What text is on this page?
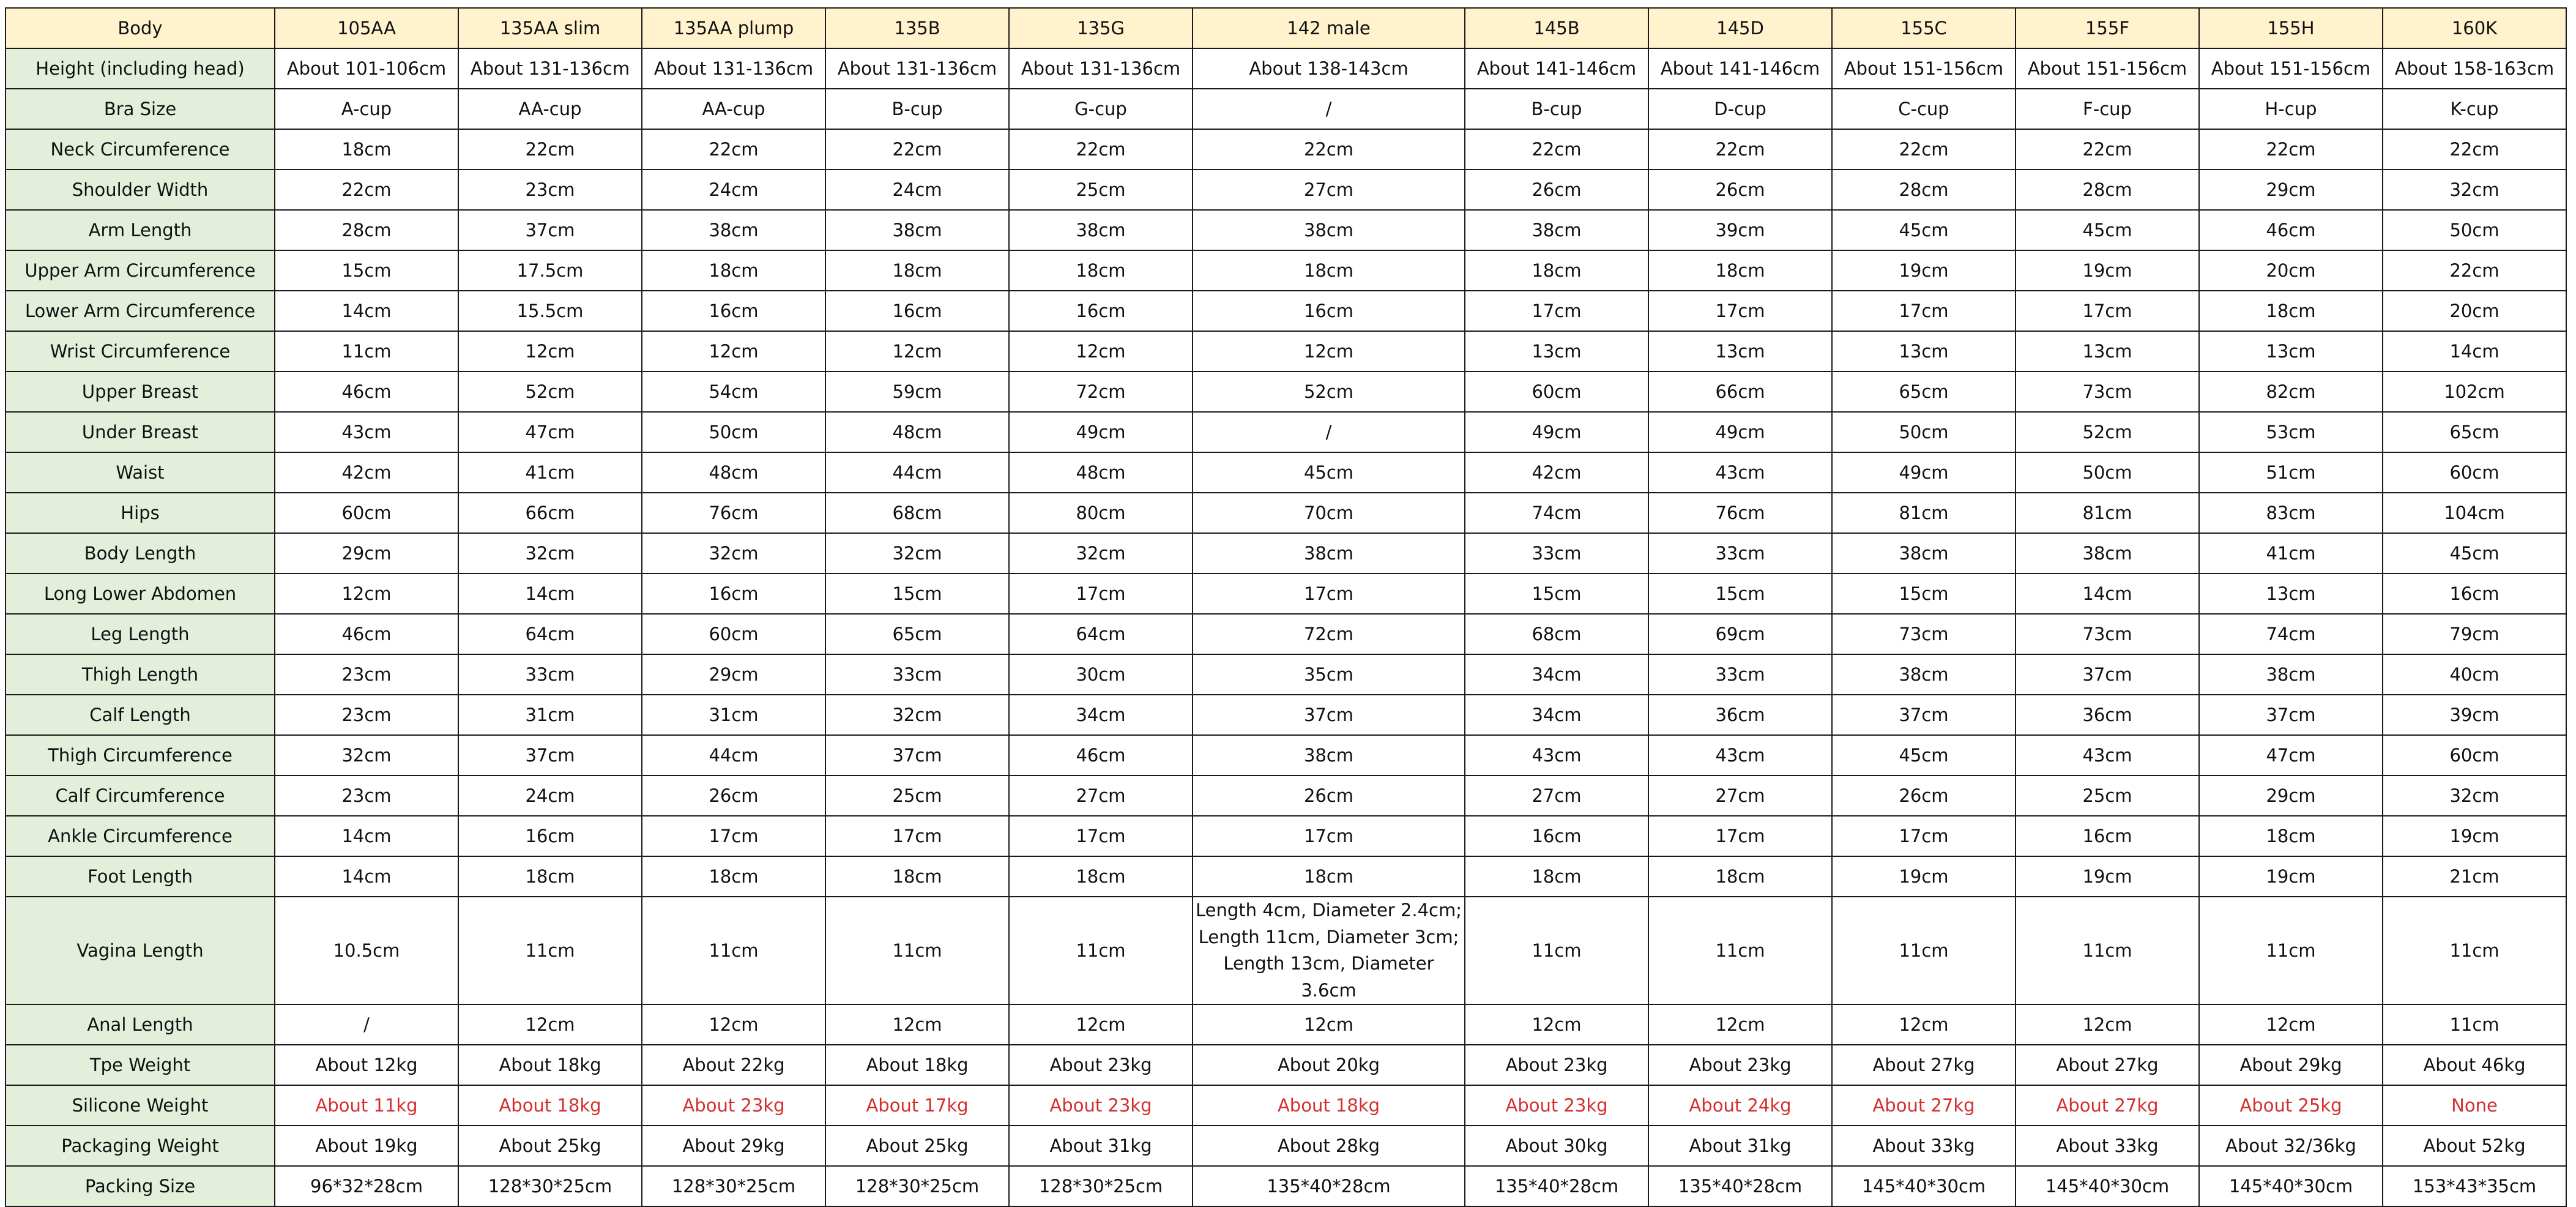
Body	105AA	135AA slim	135AA plump	135B	135G	142 male	145B	145D	155C	155F	155H	160K
Height (including head)	About 101-106cm	About 131-136cm	About 131-136cm	About 131-136cm	About 131-136cm	About 138-143cm	About 141-146cm	About 141-146cm	About 151-156cm	About 151-156cm	About 151-156cm	About 158-163cm
Bra Size	A-cup	AA-cup	AA-cup	B-cup	G-cup	/	B-cup	D-cup	C-cup	F-cup	H-cup	K-cup
Neck Circumference	18cm	22cm	22cm	22cm	22cm	22cm	22cm	22cm	22cm	22cm	22cm	22cm
Shoulder Width	22cm	23cm	24cm	24cm	25cm	27cm	26cm	26cm	28cm	28cm	29cm	32cm
Arm Length	28cm	37cm	38cm	38cm	38cm	38cm	38cm	39cm	45cm	45cm	46cm	50cm
Upper Arm Circumference	15cm	17.5cm	18cm	18cm	18cm	18cm	18cm	18cm	19cm	19cm	20cm	22cm
Lower Arm Circumference	14cm	15.5cm	16cm	16cm	16cm	16cm	17cm	17cm	17cm	17cm	18cm	20cm
Wrist Circumference	11cm	12cm	12cm	12cm	12cm	12cm	13cm	13cm	13cm	13cm	13cm	14cm
Upper Breast	46cm	52cm	54cm	59cm	72cm	52cm	60cm	66cm	65cm	73cm	82cm	102cm
Under Breast	43cm	47cm	50cm	48cm	49cm	/	49cm	49cm	50cm	52cm	53cm	65cm
Waist	42cm	41cm	48cm	44cm	48cm	45cm	42cm	43cm	49cm	50cm	51cm	60cm
Hips	60cm	66cm	76cm	68cm	80cm	70cm	74cm	76cm	81cm	81cm	83cm	104cm
Body Length	29cm	32cm	32cm	32cm	32cm	38cm	33cm	33cm	38cm	38cm	41cm	45cm
Long Lower Abdomen	12cm	14cm	16cm	15cm	17cm	17cm	15cm	15cm	15cm	14cm	13cm	16cm
Leg Length	46cm	64cm	60cm	65cm	64cm	72cm	68cm	69cm	73cm	73cm	74cm	79cm
Thigh Length	23cm	33cm	29cm	33cm	30cm	35cm	34cm	33cm	38cm	37cm	38cm	40cm
Calf Length	23cm	31cm	31cm	32cm	34cm	37cm	34cm	36cm	37cm	36cm	37cm	39cm
Thigh Circumference	32cm	37cm	44cm	37cm	46cm	38cm	43cm	43cm	45cm	43cm	47cm	60cm
Calf Circumference	23cm	24cm	26cm	25cm	27cm	26cm	27cm	27cm	26cm	25cm	29cm	32cm
Ankle Circumference	14cm	16cm	17cm	17cm	17cm	17cm	16cm	17cm	17cm	16cm	18cm	19cm
Foot Length	14cm	18cm	18cm	18cm	18cm	18cm	18cm	18cm	19cm	19cm	19cm	21cm
Vagina Length	10.5cm	11cm	11cm	11cm	11cm	Length 4cm, Diameter 2.4cm; Length 11cm, Diameter 3cm; Length 13cm, Diameter 3.6cm	11cm	11cm	11cm	11cm	11cm	11cm
Anal Length	/	12cm	12cm	12cm	12cm	12cm	12cm	12cm	12cm	12cm	12cm	11cm
Tpe Weight	About 12kg	About 18kg	About 22kg	About 18kg	About 23kg	About 20kg	About 23kg	About 23kg	About 27kg	About 27kg	About 29kg	About 46kg
Silicone Weight	About 11kg	About 18kg	About 23kg	About 17kg	About 23kg	About 18kg	About 23kg	About 24kg	About 27kg	About 27kg	About 25kg	None
Packaging Weight	About 19kg	About 25kg	About 29kg	About 25kg	About 31kg	About 28kg	About 30kg	About 31kg	About 33kg	About 33kg	About 32/36kg	About 52kg
Packing Size	96*32*28cm	128*30*25cm	128*30*25cm	128*30*25cm	128*30*25cm	135*40*28cm	135*40*28cm	135*40*28cm	145*40*30cm	145*40*30cm	145*40*30cm	153*43*35cm
